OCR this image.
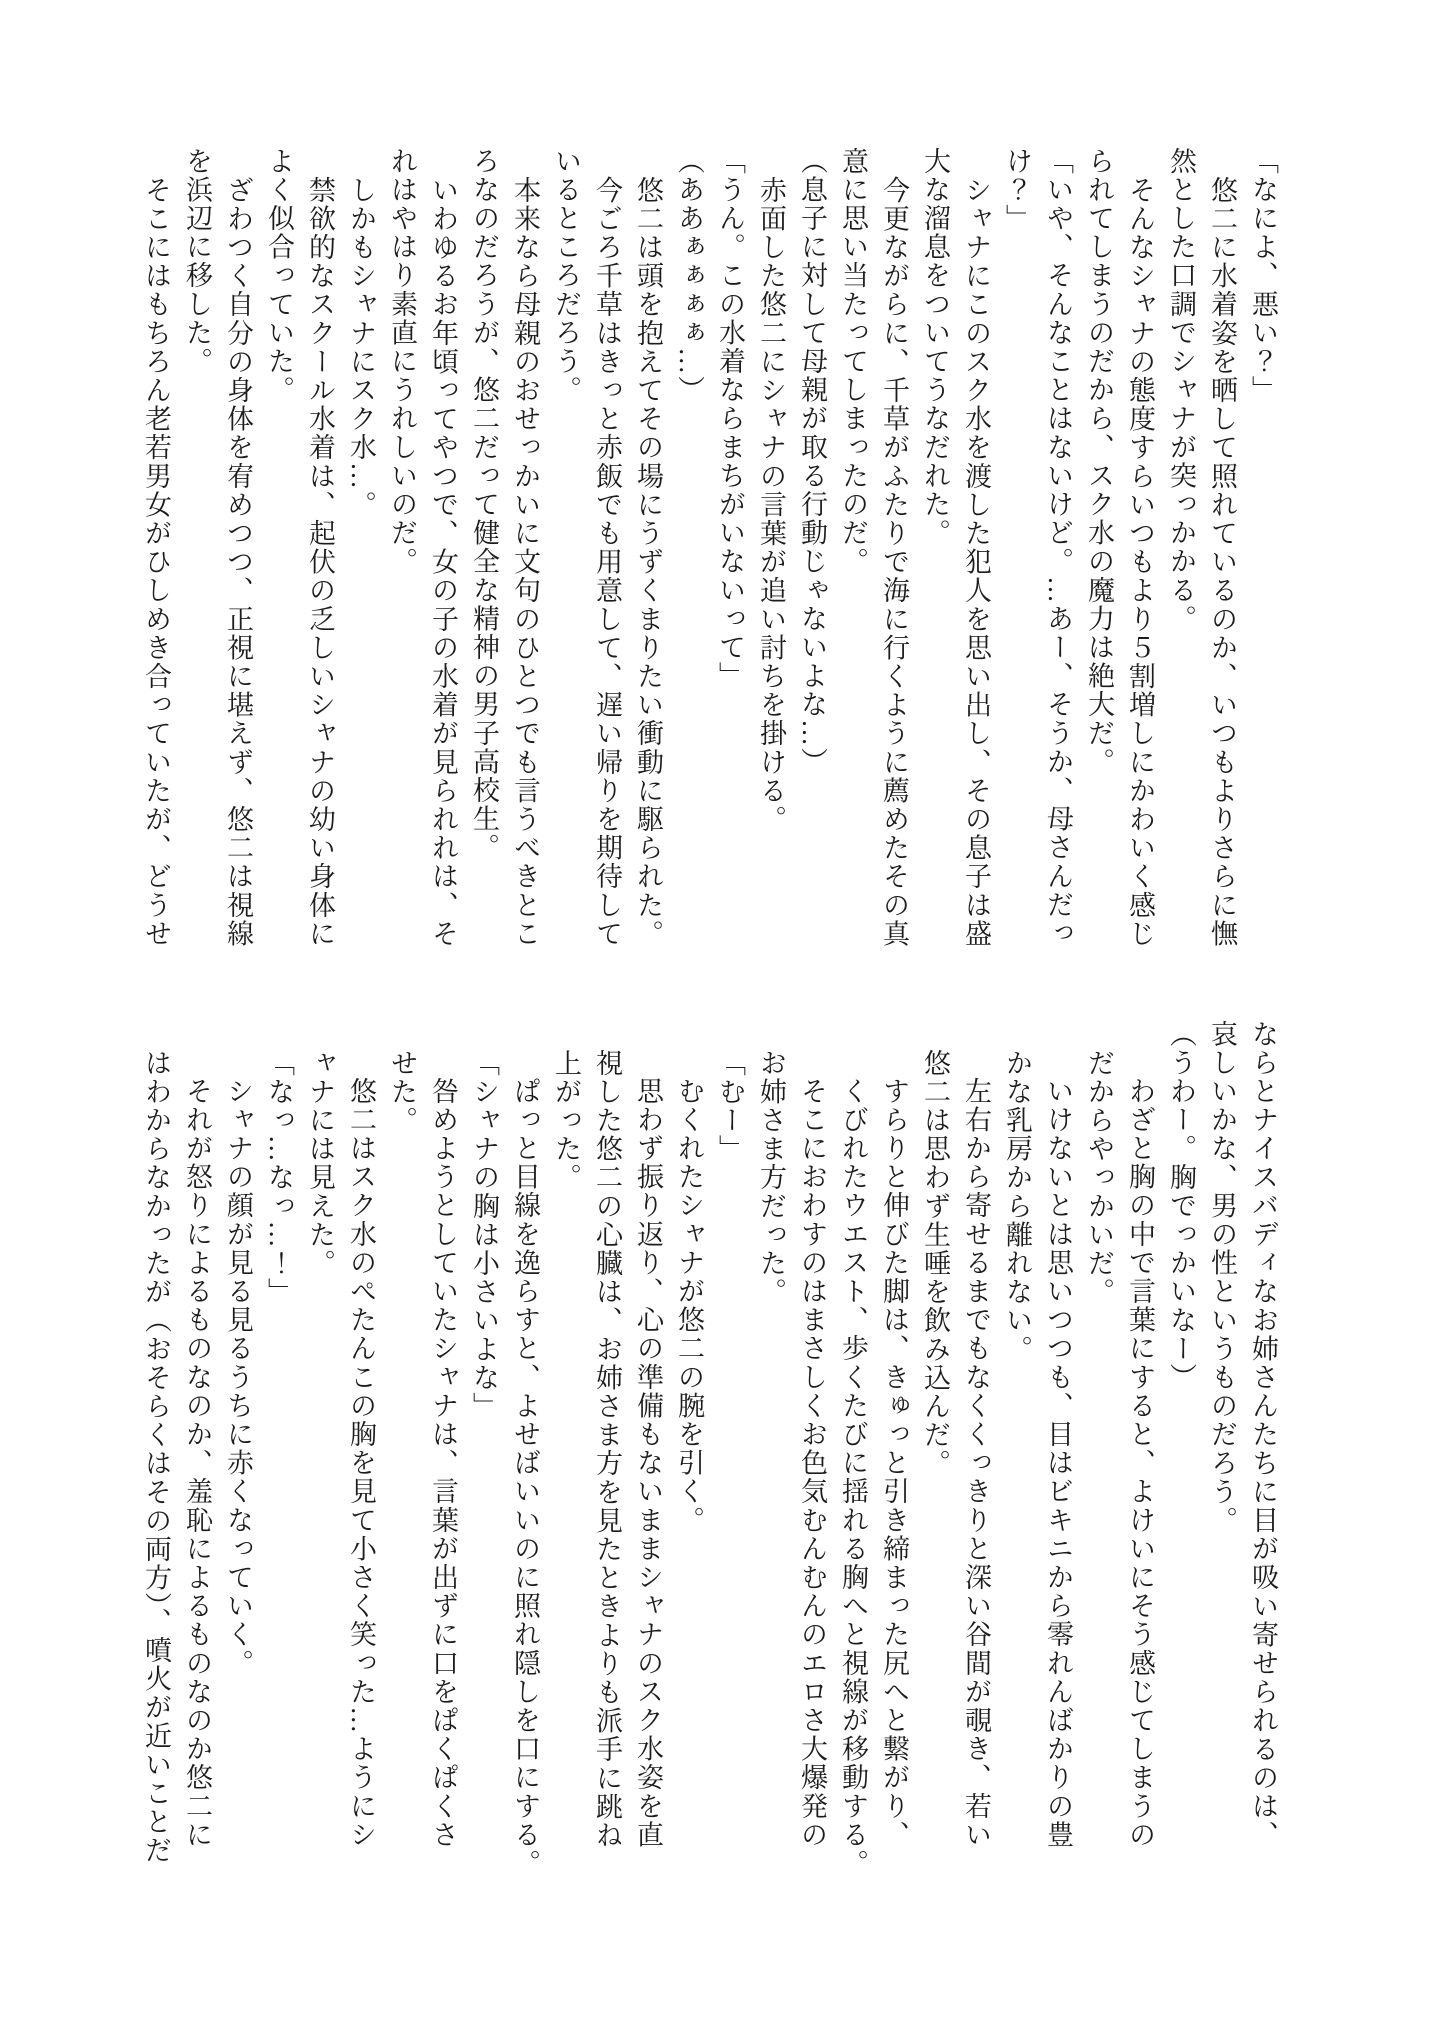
「なによ、悪い？」

悠二に水着姿を晒して照れているのか、いつもよりさらに憮

然とした口調でシャナが突っかかる。

そんなシャナの態度すらいつもより５割増しにかわいく感じ

られてしまうのだから、スク水の魔力は絶大だ。

「いや、そんなことはないけど。…あー、そうか、母さんだっ

け？」

シャナにこのスク水を渡した犯人を思い出し、その息子は盛

大な溜息をついてうなだれた。

今更ながらに、千草がふたりで海に行くように薦めたその真

意に思い当たってしまったのだ。

（息子に対して母親が取る行動じゃないよな…）

赤面した悠二にシャナの言葉が追い討ちを掛ける。

「うん。この水着ならまちがいないって」

（ああぁぁぁぁ…）

悠二は頭を抱えてその場にうずくまりたい衝動に駆られた。

今ごろ千草はきっと赤飯でも用意して、遅い帰りを期待して

いるところだろう。

本来なら母親のおせっかいに文句のひとつでも言うべきとこ

ろなのだろうが、悠二だって健全な精神の男子高校生。

いわゆるお年頃ってやつで、女の子の水着が見られれは、そ

れはやはり素直にうれしいのだ。

しかもシャナにスク水…。

禁欲的なスクール水着は、起伏の乏しいシャナの幼い身体に

よく似合っていた。

ざわつく自分の身体を宥めつつ、正視に堪えず、悠二は視線

を浜辺に移した。

そこにはもちろん老若男女がひしめき合っていたが、どうせ

ならとナイスバディなお姉さんたちに目が吸い寄せられるのは、

哀しいかな、男の性というものだろう。

（うわー。胸でっかいなー）

わざと胸の中で言葉にすると、よけいにそう感じてしまうの

だからやっかいだ。

いけないとは思いつつも、目はビキニから零れんばかりの豊

かな乳房から離れない。

左右から寄せるまでもなくくっきりと深い谷間が覗き、若い

悠二は思わず生唾を飲み込んだ。

すらりと伸びた脚は、きゅっと引き締まった尻へと繋がり、

くびれたウエスト、歩くたびに揺れる胸へと視線が移動する。

そこにおわすのはまさしくお色気むんむんのエロさ大爆発の

お姉さま方だった。

「むー」

むくれたシャナが悠二の腕を引く。

思わず振り返り、心の準備もないままシャナのスク水姿を直

視した悠二の心臓は、お姉さま方を見たときよりも派手に跳ね

上がった。

ぱっと目線を逸らすと、よせばいいのに照れ隠しを口にする。

「シャナの胸は小さいよな」

咎めようとしていたシャナは、言葉が出ずに口をぱくぱくさ

せた。

悠二はスク水のぺたんこの胸を見て小さく笑った…ようにシ

ャナには見えた。

「なっ…なっ…！」

シャナの顔が見る見るうちに赤くなっていく。

それが怒りによるものなのか、羞恥によるものなのか悠二に

はわからなかったが（おそらくはその両方）、噴火が近いことだ
